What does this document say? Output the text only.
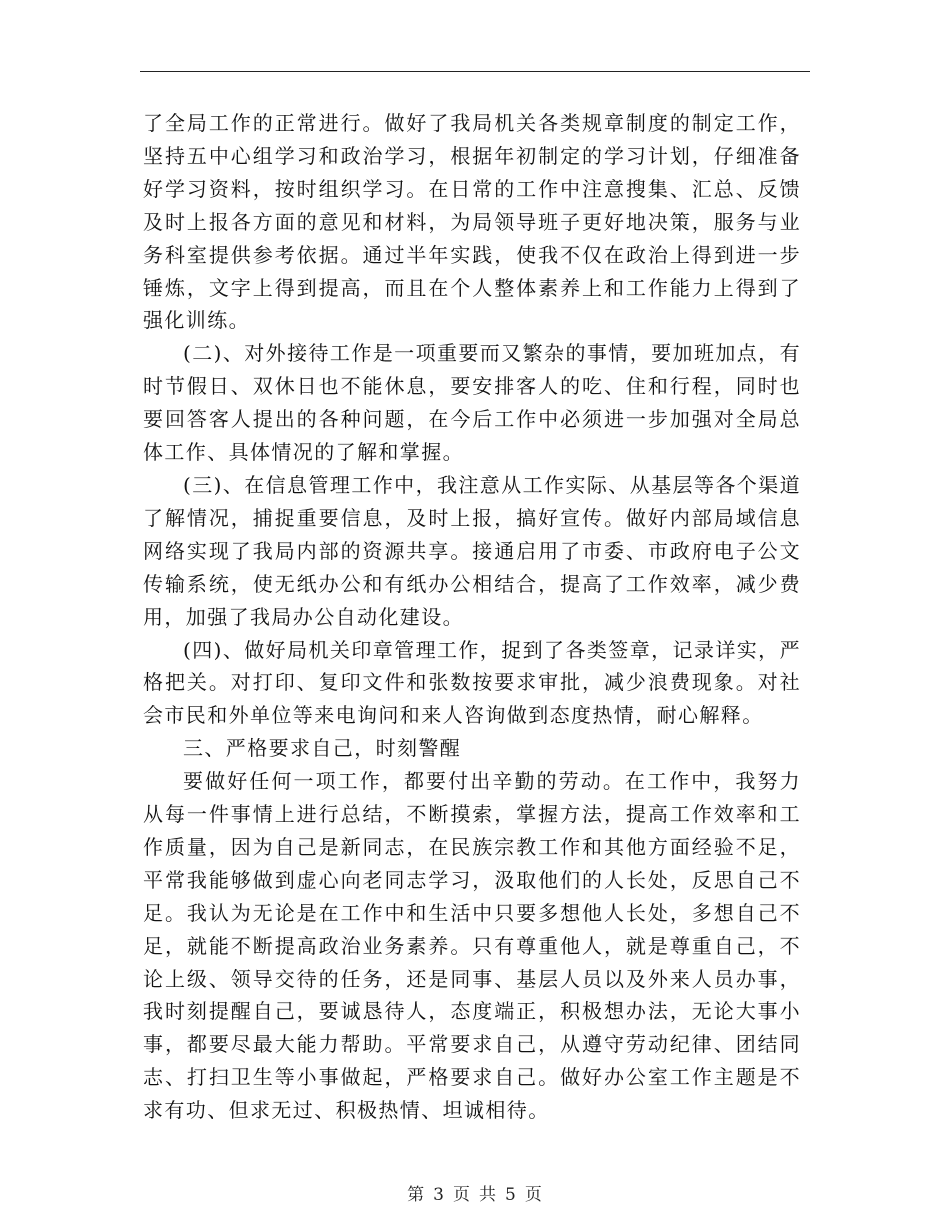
了全局工作的正常进行。做好了我局机关各类规章制度的制定工作，坚持五中心组学习和政治学习，根据年初制定的学习计划，仔细准备好学习资料，按时组织学习。在日常的工作中注意搜集、汇总、反馈及时上报各方面的意见和材料，为局领导班子更好地决策，服务与业务科室提供参考依据。通过半年实践，使我不仅在政治上得到进一步锤炼，文字上得到提高，而且在个人整体素养上和工作能力上得到了强化训练。

(二)、对外接待工作是一项重要而又繁杂的事情，要加班加点，有时节假日、双休日也不能休息，要安排客人的吃、住和行程，同时也要回答客人提出的各种问题，在今后工作中必须进一步加强对全局总体工作、具体情况的了解和掌握。

(三)、在信息管理工作中，我注意从工作实际、从基层等各个渠道了解情况，捕捉重要信息，及时上报，搞好宣传。做好内部局域信息网络实现了我局内部的资源共享。接通启用了市委、市政府电子公文传输系统，使无纸办公和有纸办公相结合，提高了工作效率，减少费用，加强了我局办公自动化建设。

(四)、做好局机关印章管理工作，捉到了各类签章，记录详实，严格把关。对打印、复印文件和张数按要求审批，减少浪费现象。对社会市民和外单位等来电询问和来人咨询做到态度热情，耐心解释。

三、严格要求自己，时刻警醒

要做好任何一项工作，都要付出辛勤的劳动。在工作中，我努力从每一件事情上进行总结，不断摸索，掌握方法，提高工作效率和工作质量，因为自己是新同志，在民族宗教工作和其他方面经验不足，平常我能够做到虚心向老同志学习，汲取他们的人长处，反思自己不足。我认为无论是在工作中和生活中只要多想他人长处，多想自己不足，就能不断提高政治业务素养。只有尊重他人，就是尊重自己，不论上级、领导交待的任务，还是同事、基层人员以及外来人员办事，我时刻提醒自己，要诚恳待人，态度端正，积极想办法，无论大事小事，都要尽最大能力帮助。平常要求自己，从遵守劳动纪律、团结同志、打扫卫生等小事做起，严格要求自己。做好办公室工作主题是不求有功、但求无过、积极热情、坦诚相待。

第 3 页 共 5 页
